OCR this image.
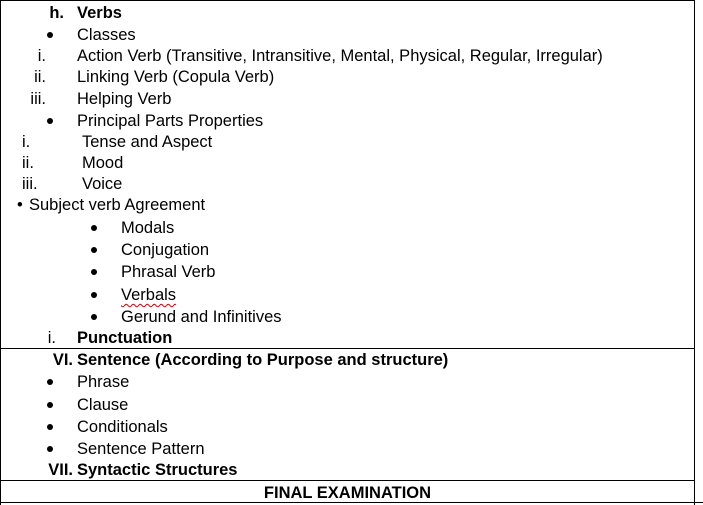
h. Verbs
Classes
i. Action Verb (Transitive, Intransitive, Mental, Physical, Regular, Irregular)
ii. Linking Verb (Copula Verb)
iii. Helping Verb
Principal Parts Properties
i.	Tense and Aspect
ii.	Mood
iii.	Voice
• Subject verb Agreement
Modals
Conjugation
Phrasal Verb
Verbals
Gerund and Infinitives
i. Punctuation
VI. Sentence (According to Purpose and structure)
Phrase
Clause
Conditionals
Sentence Pattern
VII. Syntactic Structures
FINAL EXAMINATION
